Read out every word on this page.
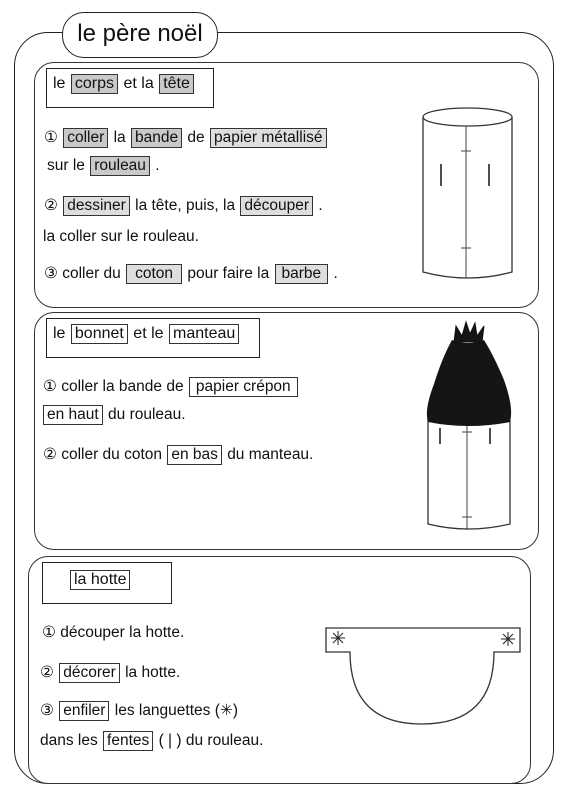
le père noël
le corps et la tête
① coller la bande de papier métallisé
sur le rouleau .
② dessiner la tête, puis, la découper .
la coller sur le rouleau.
③ coller du coton pour faire la barbe .
le bonnet et le manteau
① coller la bande de papier crépon
en haut du rouleau.
② coller du coton en bas du manteau.
la hotte
① découper la hotte.
② décorer la hotte.
③ enfiler les languettes (✳)
dans les fentes ( | ) du rouleau.
